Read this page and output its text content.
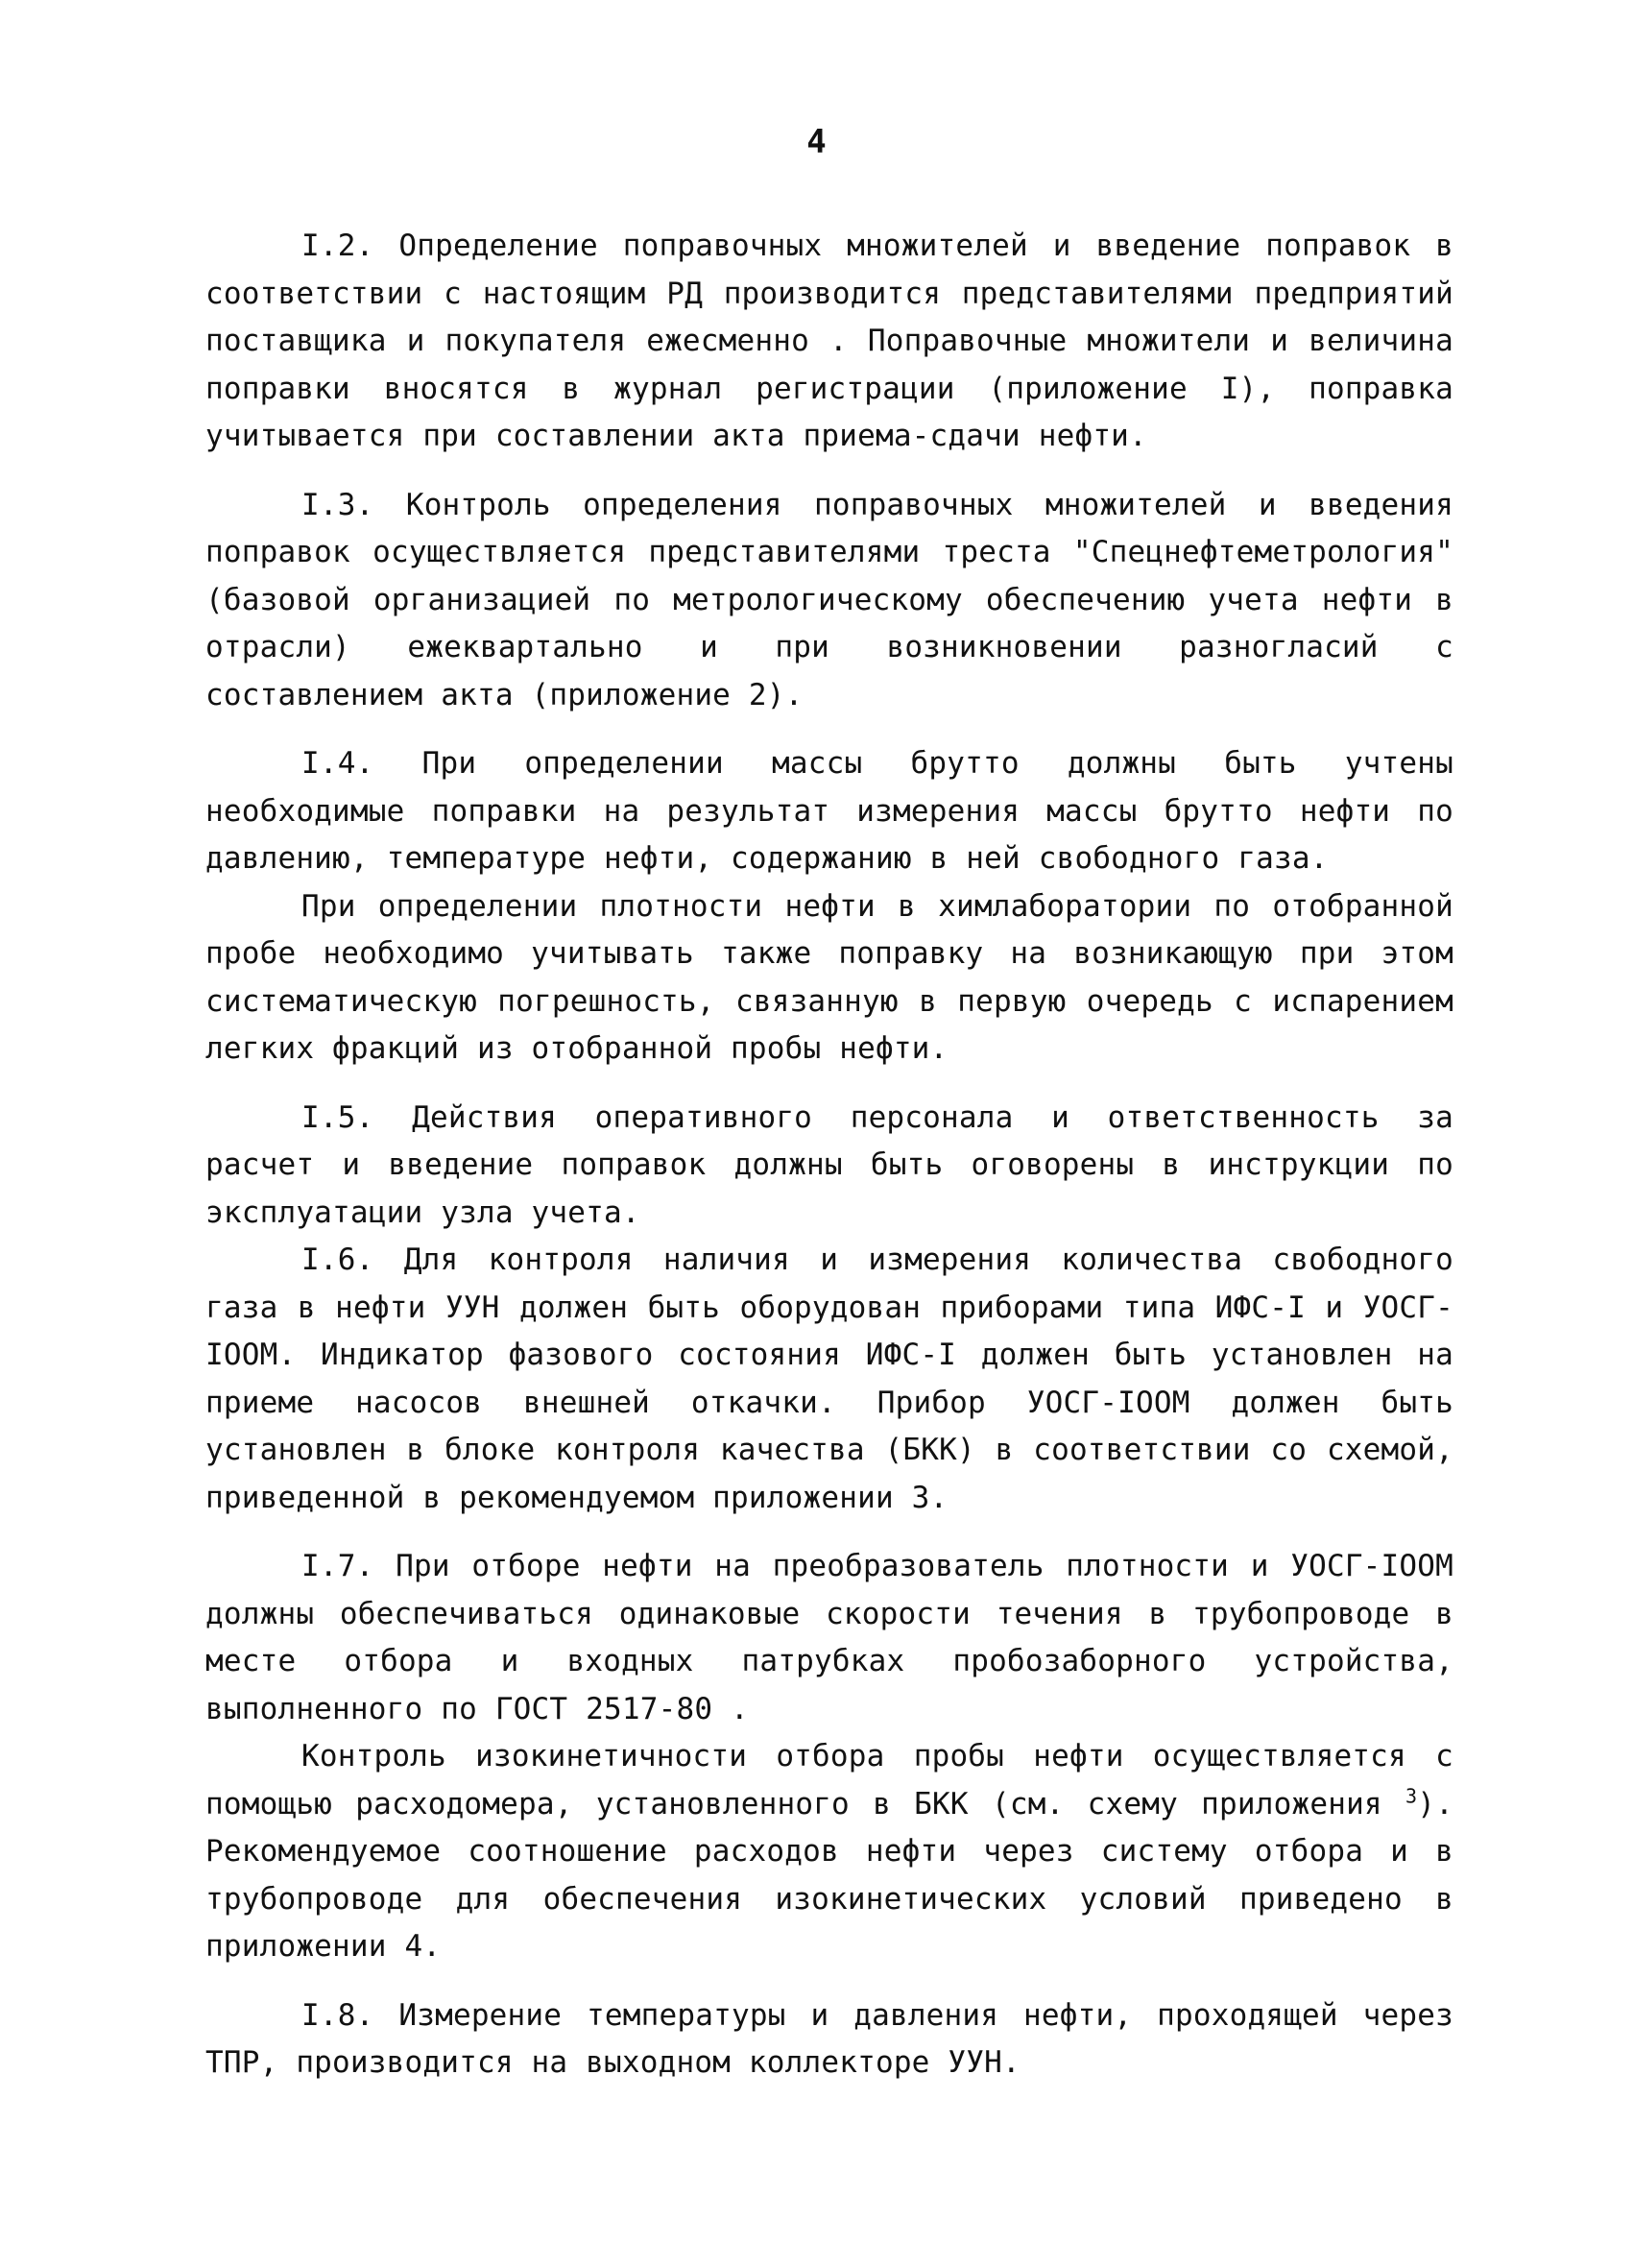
4

I.2. Определение поправочных множителей и введение поправок в соответствии с настоящим РД производится представителями предприятий поставщика и покупателя ежесменно . Поправочные множители и величина поправки вносятся в журнал регистрации (приложение I), поправка учитывается при составлении акта приема-сдачи нефти.

I.3. Контроль определения поправочных множителей и введения поправок осуществляется представителями треста "Спецнефтеметрология" (базовой организацией по метрологическому обеспечению учета нефти в отрасли) ежеквартально и при возникновении разногласий с составлением акта (приложение 2).

I.4. При определении массы брутто должны быть учтены необходимые поправки на результат измерения массы брутто нефти по давлению, температуре нефти, содержанию в ней свободного газа.

При определении плотности нефти в химлаборатории по отобранной пробе необходимо учитывать также поправку на возникающую при этом систематическую погрешность, связанную в первую очередь с испарением легких фракций из отобранной пробы нефти.

I.5. Действия оперативного персонала и ответственность за расчет и введение поправок должны быть оговорены в инструкции по эксплуатации узла учета.

I.6. Для контроля наличия и измерения количества свободного газа в нефти УУН должен быть оборудован приборами типа ИФС-I и УОСГ-IOOM. Индикатор фазового состояния ИФС-I должен быть установлен на приеме насосов внешней откачки. Прибор УОСГ-IOOM должен быть установлен в блоке контроля качества (БКК) в соответствии со схемой, приведенной в рекомендуемом приложении 3.

I.7. При отборе нефти на преобразователь плотности и УОСГ-IOOM должны обеспечиваться одинаковые скорости течения в трубопроводе в месте отбора и входных патрубках пробозаборного устройства, выполненного по ГОСТ 2517-80 .

Контроль изокинетичности отбора пробы нефти осуществляется с помощью расходомера, установленного в БКК (см. схему приложения $^3$). Рекомендуемое соотношение расходов нефти через систему отбора и в трубопроводе для обеспечения изокинетических условий приведено в приложении 4.

I.8. Измерение температуры и давления нефти, проходящей через ТПР, производится на выходном коллекторе УУН.
